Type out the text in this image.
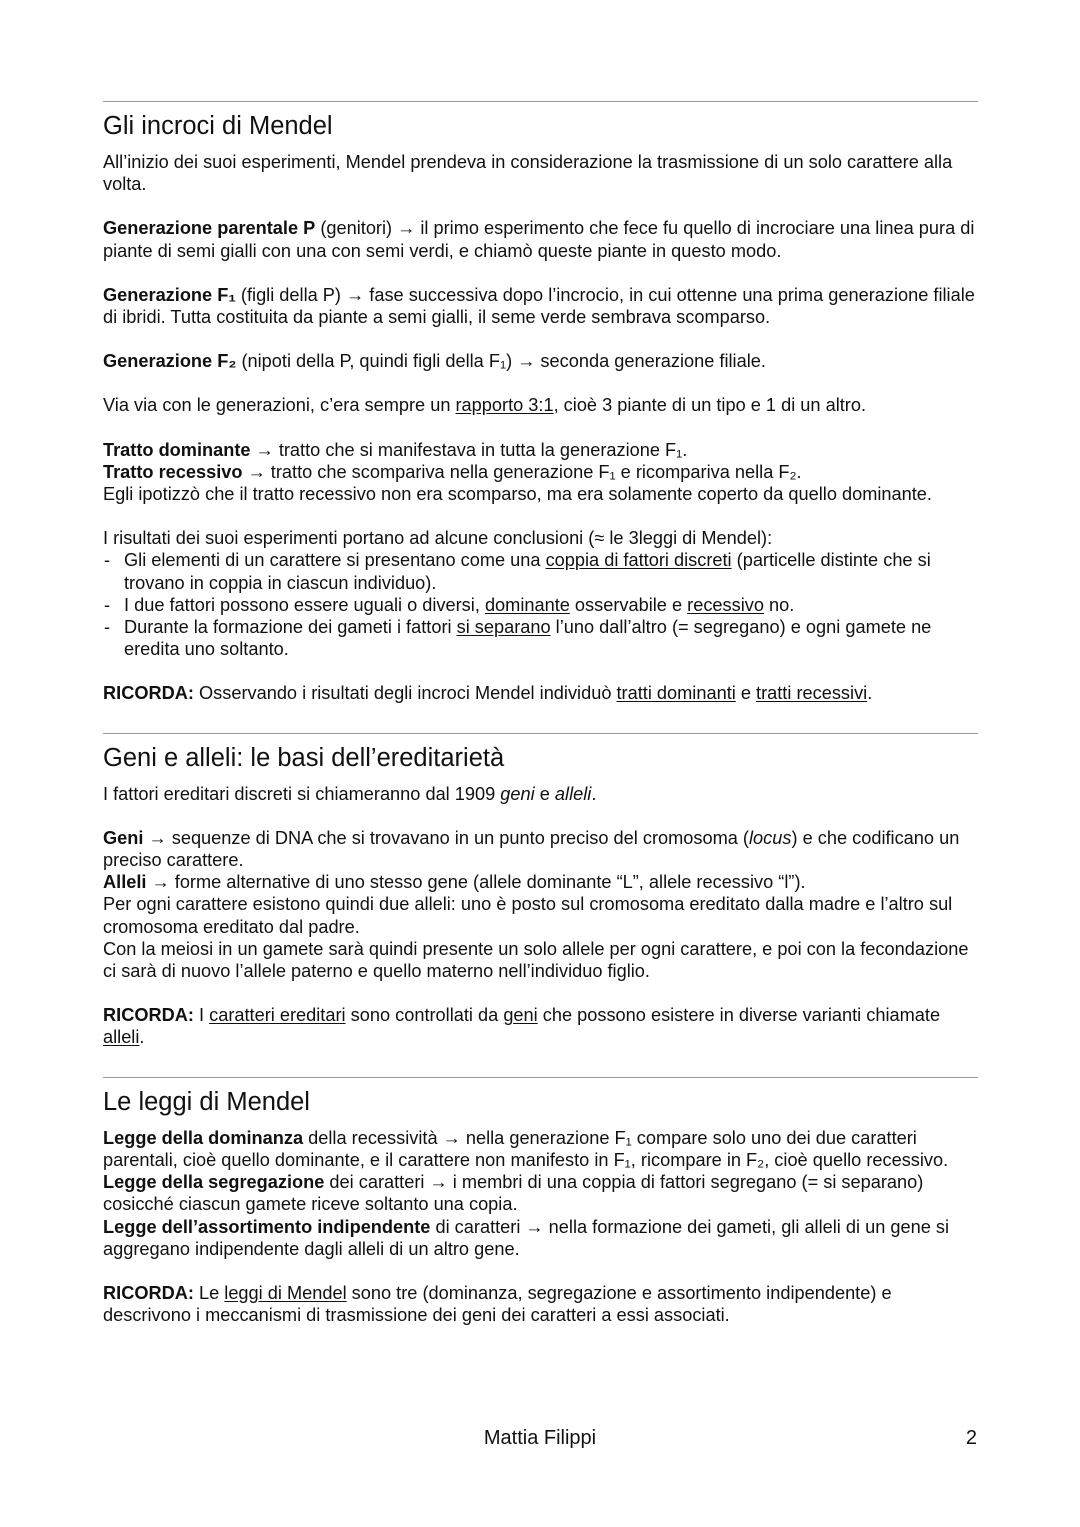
Gli incroci di Mendel

All’inizio dei suoi esperimenti, Mendel prendeva in considerazione la trasmissione di un solo carattere alla volta.

Generazione parentale P (genitori) → il primo esperimento che fece fu quello di incrociare una linea pura di piante di semi gialli con una con semi verdi, e chiamò queste piante in questo modo.

Generazione F₁ (figli della P) → fase successiva dopo l’incrocio, in cui ottenne una prima generazione filiale di ibridi. Tutta costituita da piante a semi gialli, il seme verde sembrava scomparso.

Generazione F₂ (nipoti della P, quindi figli della F₁) → seconda generazione filiale.

Via via con le generazioni, c’era sempre un rapporto 3:1, cioè 3 piante di un tipo e 1 di un altro.

Tratto dominante → tratto che si manifestava in tutta la generazione F₁.

Tratto recessivo → tratto che scompariva nella generazione F₁ e ricompariva nella F₂.

Egli ipotizzò che il tratto recessivo non era scomparso, ma era solamente coperto da quello dominante.

I risultati dei suoi esperimenti portano ad alcune conclusioni (≈ le 3leggi di Mendel):

- Gli elementi di un carattere si presentano come una coppia di fattori discreti (particelle distinte che si trovano in coppia in ciascun individuo).
- I due fattori possono essere uguali o diversi, dominante osservabile e recessivo no.
- Durante la formazione dei gameti i fattori si separano l’uno dall’altro (= segregano) e ogni gamete ne eredita uno soltanto.

RICORDA: Osservando i risultati degli incroci Mendel individuò tratti dominanti e tratti recessivi.

Geni e alleli: le basi dell’ereditarietà

I fattori ereditari discreti si chiameranno dal 1909 geni e alleli.

Geni → sequenze di DNA che si trovavano in un punto preciso del cromosoma (locus) e che codificano un preciso carattere.

Alleli → forme alternative di uno stesso gene (allele dominante “L”, allele recessivo “l”).

Per ogni carattere esistono quindi due alleli: uno è posto sul cromosoma ereditato dalla madre e l’altro sul cromosoma ereditato dal padre.

Con la meiosi in un gamete sarà quindi presente un solo allele per ogni carattere, e poi con la fecondazione ci sarà di nuovo l’allele paterno e quello materno nell’individuo figlio.

RICORDA: I caratteri ereditari sono controllati da geni che possono esistere in diverse varianti chiamate alleli.

Le leggi di Mendel

Legge della dominanza della recessività → nella generazione F₁ compare solo uno dei due caratteri parentali, cioè quello dominante, e il carattere non manifesto in F₁, ricompare in F₂, cioè quello recessivo.

Legge della segregazione dei caratteri → i membri di una coppia di fattori segregano (= si separano) cosicché ciascun gamete riceve soltanto una copia.

Legge dell’assortimento indipendente di caratteri → nella formazione dei gameti, gli alleli di un gene si aggregano indipendente dagli alleli di un altro gene.

RICORDA: Le leggi di Mendel sono tre (dominanza, segregazione e assortimento indipendente) e descrivono i meccanismi di trasmissione dei geni dei caratteri a essi associati.

Mattia Filippi	2
